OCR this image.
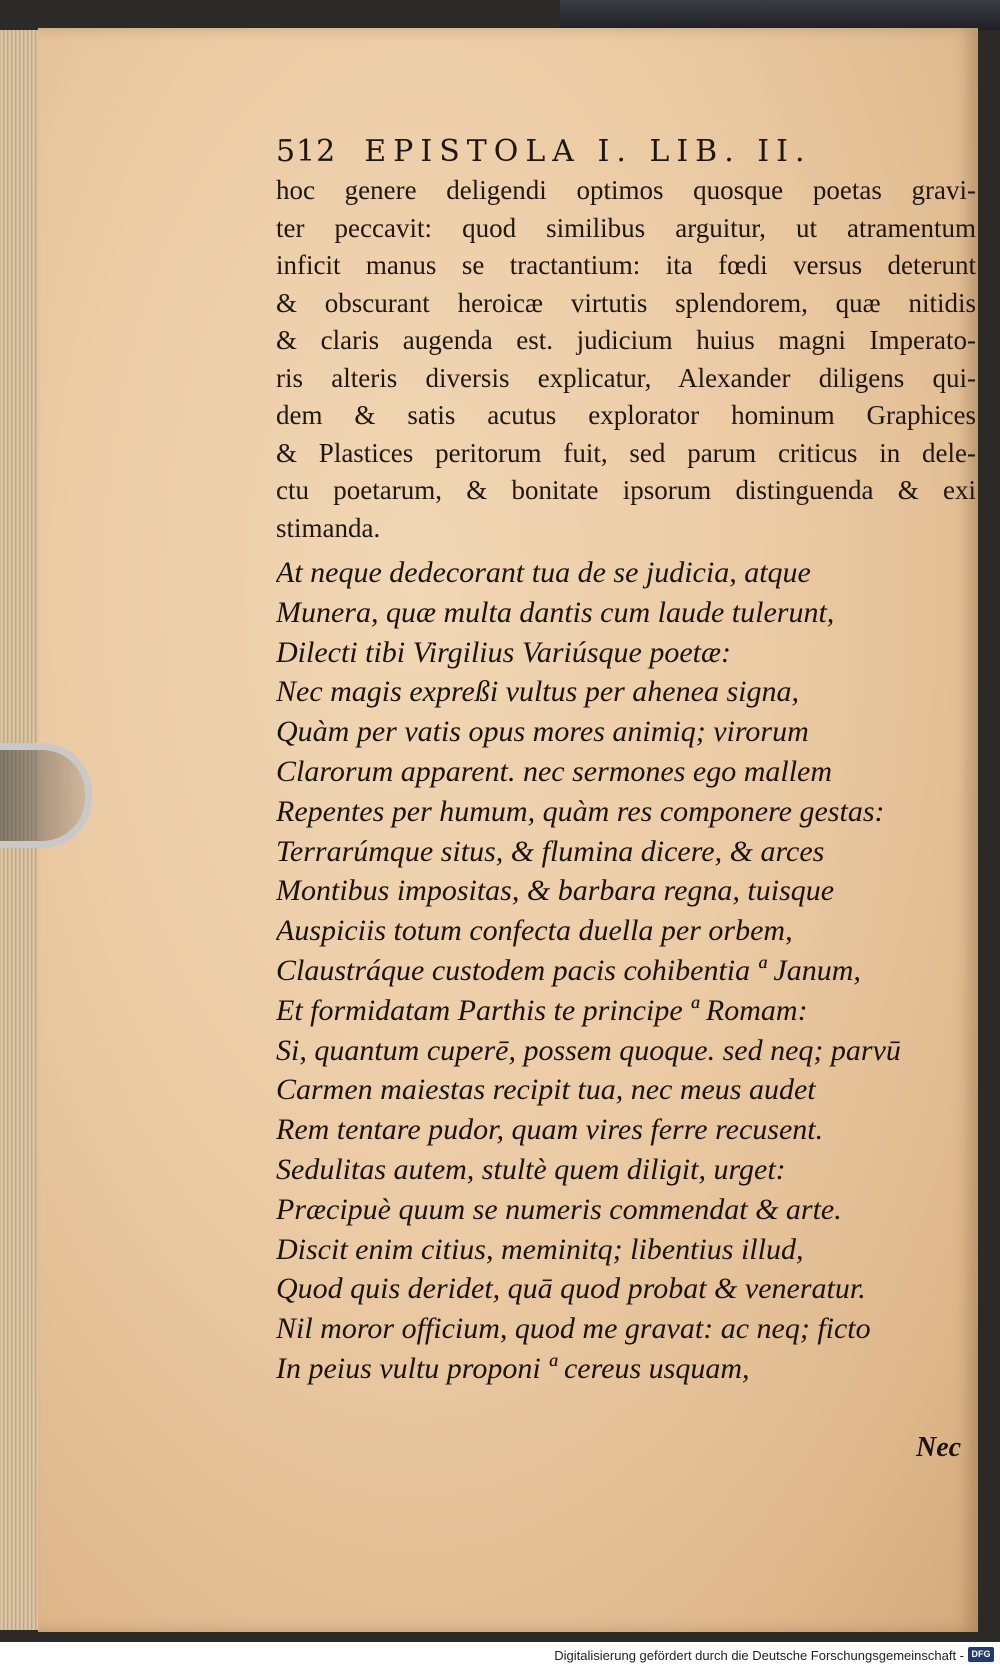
512 EPISTOLA I. LIB. II.
hoc genere deligendi optimos quosque poetas gravi-
ter peccavit: quod similibus arguitur, ut atramentum
inficit manus se tractantium: ita fœdi versus deterunt
& obscurant heroicæ virtutis splendorem, quæ nitidis
& claris augenda est. judicium huius magni Imperato-
ris alteris diversis explicatur, Alexander diligens qui-
dem & satis acutus explorator hominum Graphices
& Plastices peritorum fuit, sed parum criticus in dele-
ctu poetarum, & bonitate ipsorum distinguenda & exi
stimanda.
At neque dedecorant tua de se judicia, atque
Munera, quæ multa dantis cum laude tulerunt,
Dilecti tibi Virgilius Variúsque poetæ:
Nec magis expreßi vultus per ahenea signa,
Quàm per vatis opus mores animiq; virorum
Clarorum apparent. nec sermones ego mallem
Repentes per humum, quàm res componere gestas:
Terrarúmque situs, & flumina dicere, & arces
Montibus impositas, & barbara regna, tuisque
Auspiciis totum confecta duella per orbem,
Claustráque custodem pacis cohibentia ª Janum,
Et formidatam Parthis te principe ª Romam:
Si, quantum cuperē, possem quoque. sed neq; parvū
Carmen maiestas recipit tua, nec meus audet
Rem tentare pudor, quam vires ferre recusent.
Sedulitas autem, stultè quem diligit, urget:
Præcipuè quum se numeris commendat & arte.
Discit enim citius, meminitq; libentius illud,
Quod quis deridet, quā quod probat & veneratur.
Nil moror officium, quod me gravat: ac neq; ficto
In peius vultu proponi ª cereus usquam,
Nec
Digitalisierung gefördert durch die Deutsche Forschungsgemeinschaft - DFG
